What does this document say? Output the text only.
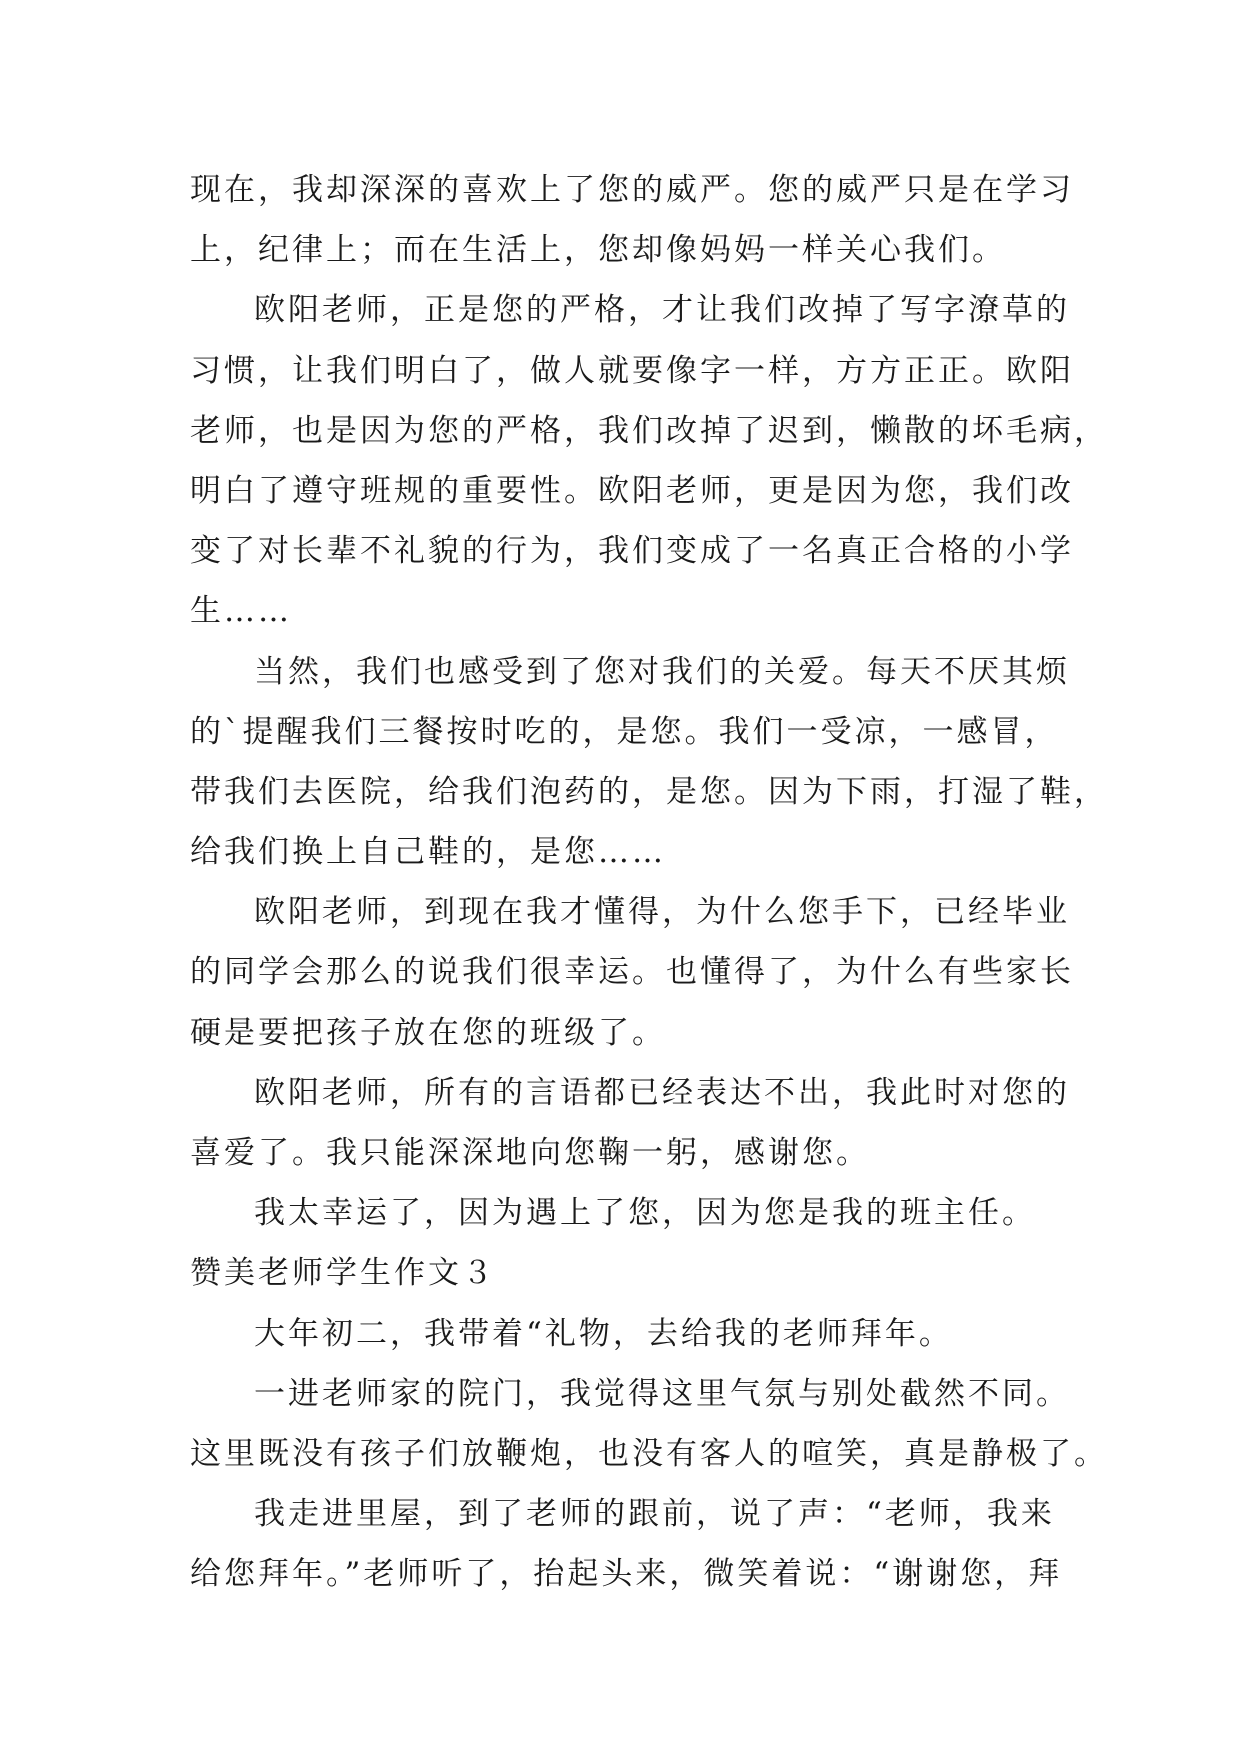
现在，我却深深的喜欢上了您的威严。您的威严只是在学习
上，纪律上；而在生活上，您却像妈妈一样关心我们。
欧阳老师，正是您的严格，才让我们改掉了写字潦草的
习惯，让我们明白了，做人就要像字一样，方方正正。欧阳
老师，也是因为您的严格，我们改掉了迟到，懒散的坏毛病，
明白了遵守班规的重要性。欧阳老师，更是因为您，我们改
变了对长辈不礼貌的行为，我们变成了一名真正合格的小学
生……
当然，我们也感受到了您对我们的关爱。每天不厌其烦
的`提醒我们三餐按时吃的，是您。我们一受凉，一感冒，
带我们去医院，给我们泡药的，是您。因为下雨，打湿了鞋，
给我们换上自己鞋的，是您……
欧阳老师，到现在我才懂得，为什么您手下，已经毕业
的同学会那么的说我们很幸运。也懂得了，为什么有些家长
硬是要把孩子放在您的班级了。
欧阳老师，所有的言语都已经表达不出，我此时对您的
喜爱了。我只能深深地向您鞠一躬，感谢您。
我太幸运了，因为遇上了您，因为您是我的班主任。
赞美老师学生作文３
大年初二，我带着“礼物，去给我的老师拜年。
一进老师家的院门，我觉得这里气氛与别处截然不同。
这里既没有孩子们放鞭炮，也没有客人的喧笑，真是静极了。
我走进里屋，到了老师的跟前，说了声：“老师，我来
给您拜年。”老师听了，抬起头来，微笑着说：“谢谢您，拜
